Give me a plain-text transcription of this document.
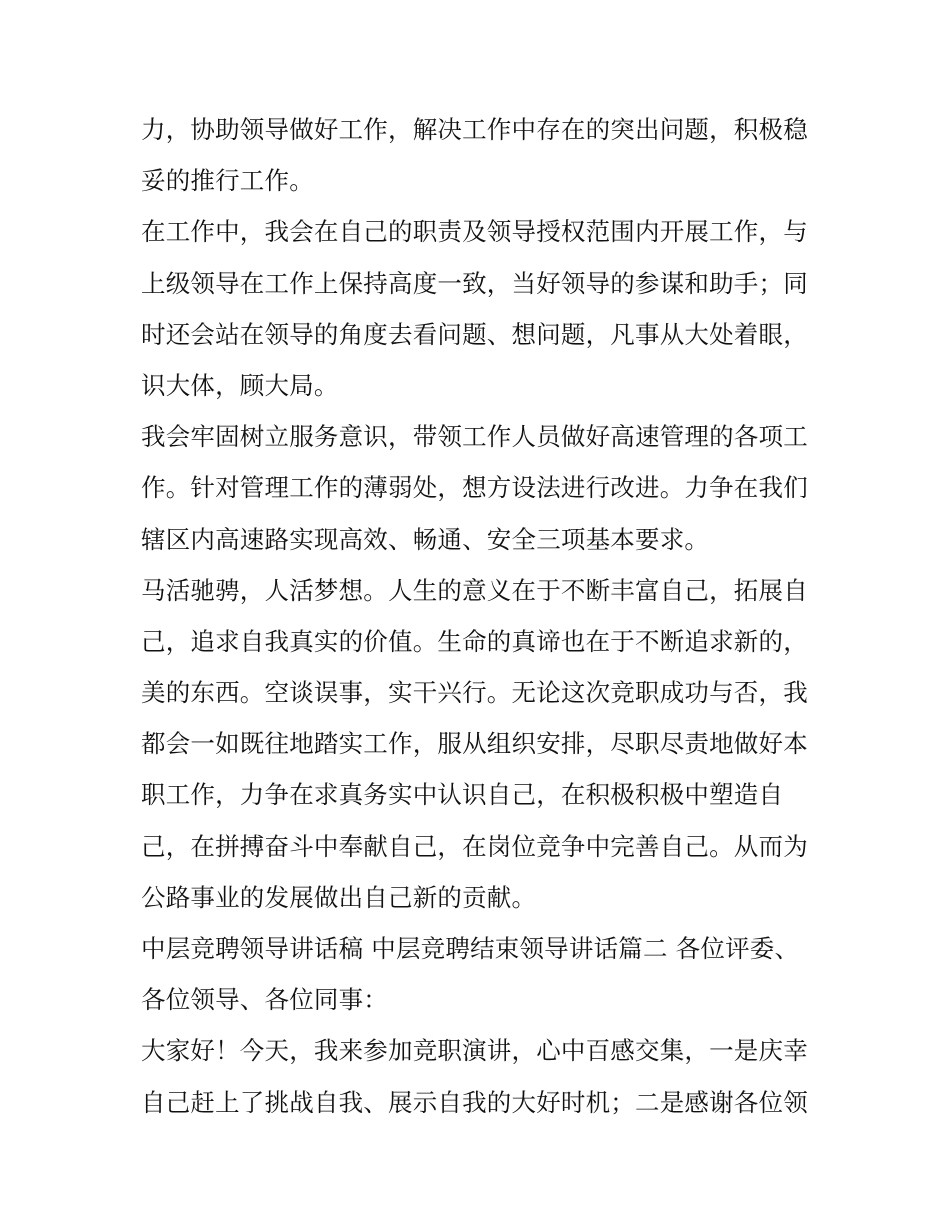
力，协助领导做好工作，解决工作中存在的突出问题，积极稳
妥的推行工作。
在工作中，我会在自己的职责及领导授权范围内开展工作，与
上级领导在工作上保持高度一致，当好领导的参谋和助手；同
时还会站在领导的角度去看问题、想问题，凡事从大处着眼，
识大体，顾大局。
我会牢固树立服务意识，带领工作人员做好高速管理的各项工
作。针对管理工作的薄弱处，想方设法进行改进。力争在我们
辖区内高速路实现高效、畅通、安全三项基本要求。
马活驰骋，人活梦想。人生的意义在于不断丰富自己，拓展自
己，追求自我真实的价值。生命的真谛也在于不断追求新的，
美的东西。空谈误事，实干兴行。无论这次竞职成功与否，我
都会一如既往地踏实工作，服从组织安排，尽职尽责地做好本
职工作，力争在求真务实中认识自己，在积极积极中塑造自
己，在拼搏奋斗中奉献自己，在岗位竞争中完善自己。从而为
公路事业的发展做出自己新的贡献。
中层竞聘领导讲话稿 中层竞聘结束领导讲话篇二 各位评委、
各位领导、各位同事：
大家好！今天，我来参加竞职演讲，心中百感交集，一是庆幸
自己赶上了挑战自我、展示自我的大好时机；二是感谢各位领
